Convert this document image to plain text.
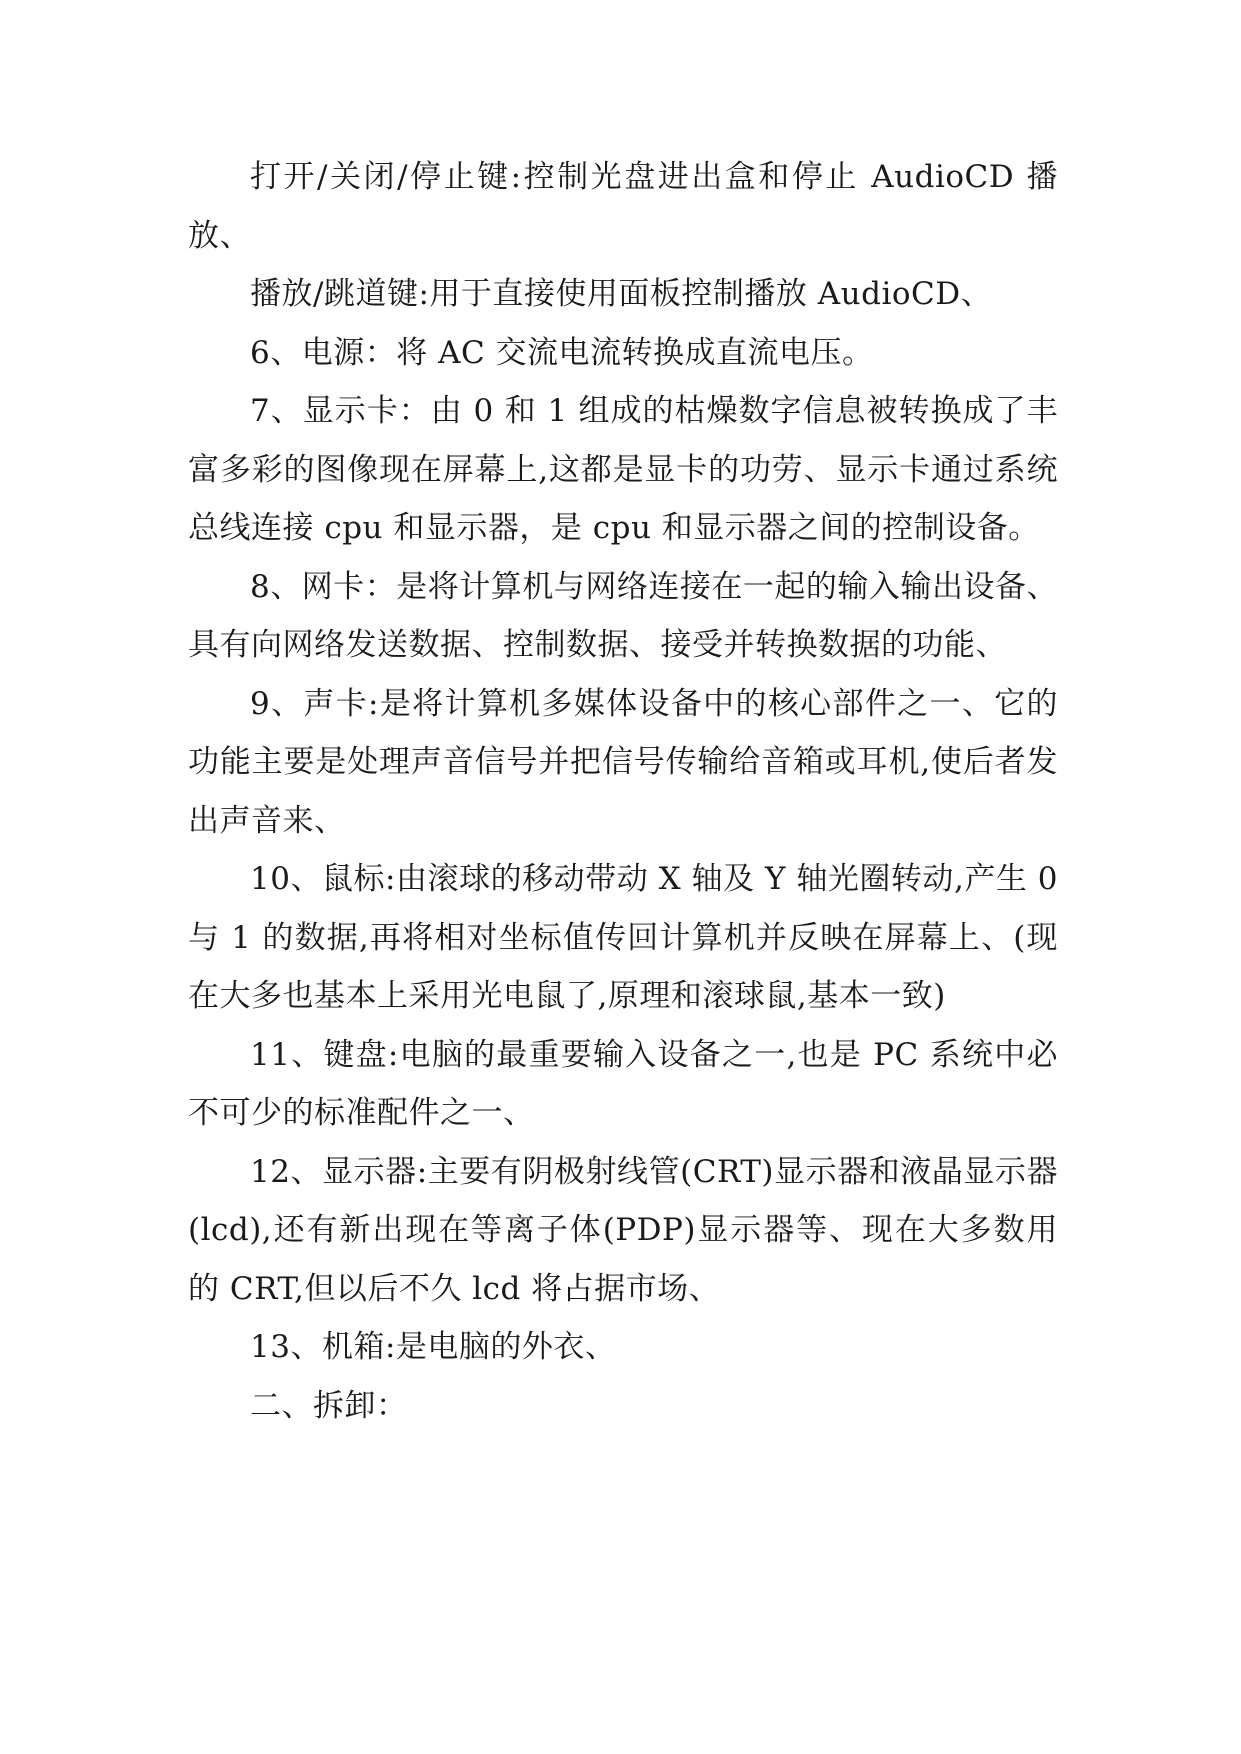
打开/关闭/停止键:控制光盘进出盒和停止 AudioCD 播放、

播放/跳道键:用于直接使用面板控制播放 AudioCD、

6、电源：将 AC 交流电流转换成直流电压。

7、显示卡：由 0 和 1 组成的枯燥数字信息被转换成了丰富多彩的图像现在屏幕上,这都是显卡的功劳、显示卡通过系统总线连接 cpu 和显示器，是 cpu 和显示器之间的控制设备。

8、网卡：是将计算机与网络连接在一起的输入输出设备、具有向网络发送数据、控制数据、接受并转换数据的功能、

9、声卡:是将计算机多媒体设备中的核心部件之一、它的功能主要是处理声音信号并把信号传输给音箱或耳机,使后者发出声音来、

10、鼠标:由滚球的移动带动 X 轴及 Y 轴光圈转动,产生 0 与 1 的数据,再将相对坐标值传回计算机并反映在屏幕上、(现在大多也基本上采用光电鼠了,原理和滚球鼠,基本一致)

11、键盘:电脑的最重要输入设备之一,也是 PC 系统中必不可少的标准配件之一、

12、显示器:主要有阴极射线管(CRT)显示器和液晶显示器(lcd),还有新出现在等离子体(PDP)显示器等、现在大多数用的 CRT,但以后不久 lcd 将占据市场、

13、机箱:是电脑的外衣、

二、拆卸：
